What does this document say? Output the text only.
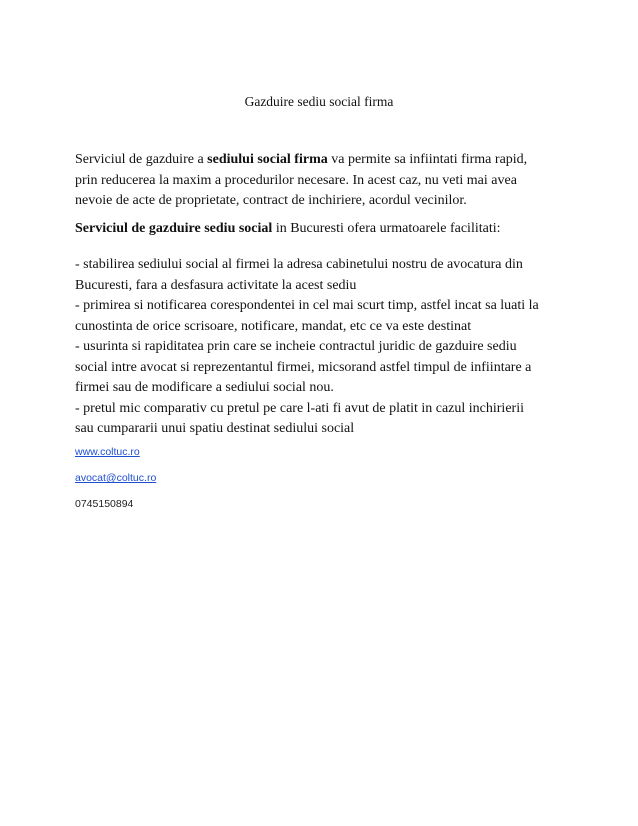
Gazduire sediu social firma

Serviciul de gazduire a sediului social firma va permite sa infiintati firma rapid,

prin reducerea la maxim a procedurilor necesare. In acest caz, nu veti mai avea

nevoie de acte de proprietate, contract de inchiriere, acordul vecinilor.

Serviciul de gazduire sediu social in Bucuresti ofera urmatoarele facilitati:

- stabilirea sediului social al firmei la adresa cabinetului nostru de avocatura din

Bucuresti, fara a desfasura activitate la acest sediu

- primirea si notificarea corespondentei in cel mai scurt timp, astfel incat sa luati la

cunostinta de orice scrisoare, notificare, mandat, etc ce va este destinat

- usurinta si rapiditatea prin care se incheie contractul juridic de gazduire sediu

social intre avocat si reprezentantul firmei, micsorand astfel timpul de infiintare a

firmei sau de modificare a sediului social nou.

- pretul mic comparativ cu pretul pe care l-ati fi avut de platit in cazul inchirierii

sau cumpararii unui spatiu destinat sediului social

www.coltuc.ro
avocat@coltuc.ro
0745150894
